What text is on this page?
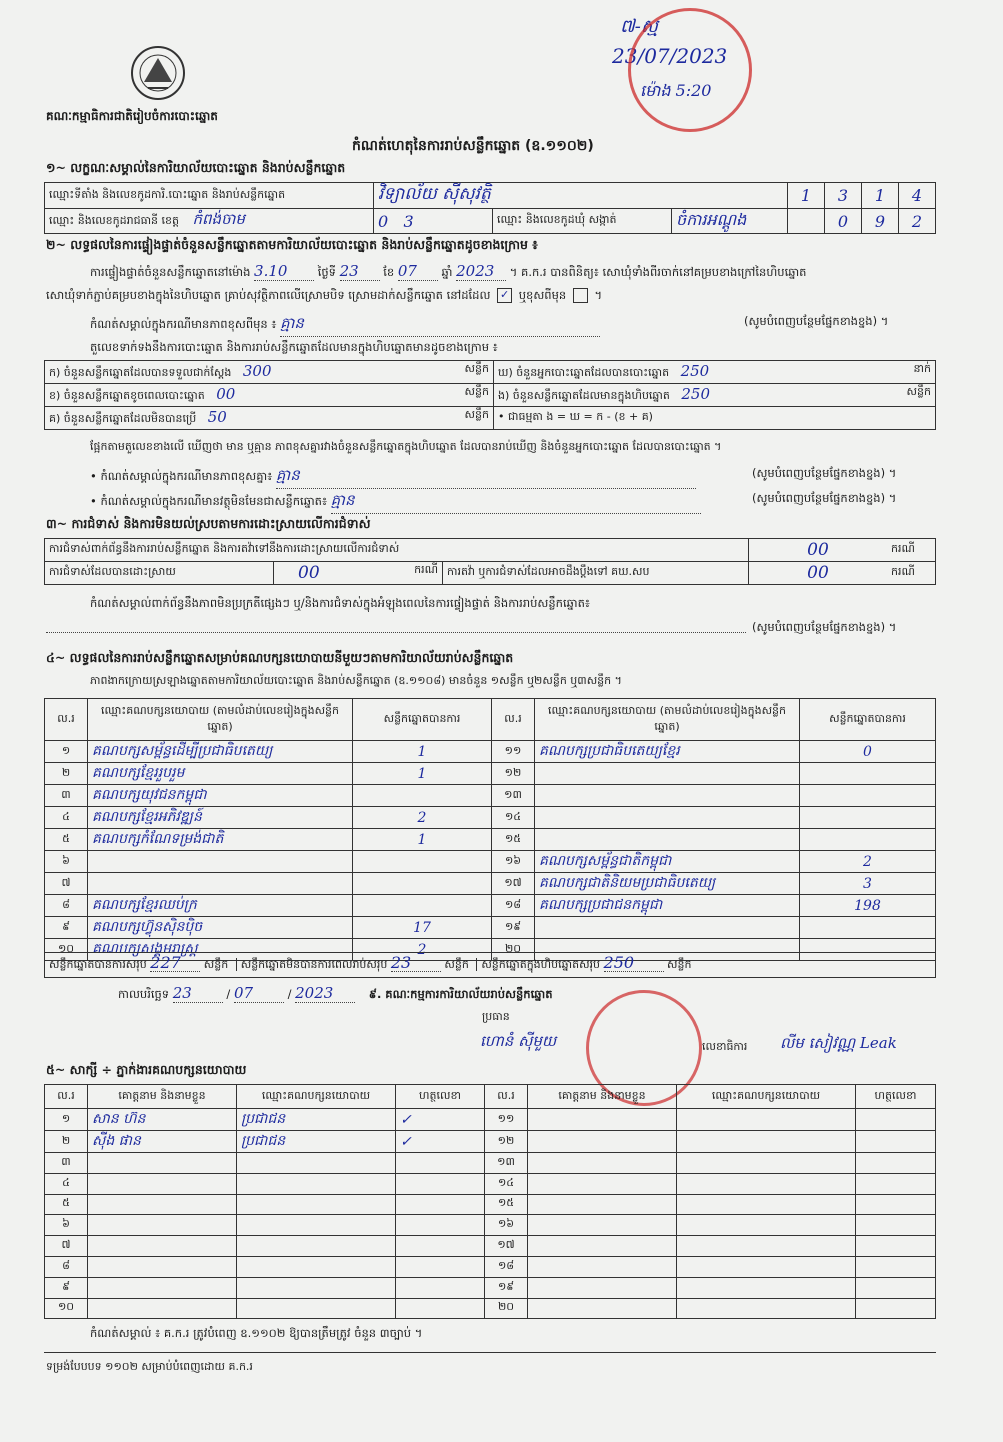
គណៈកម្មាធិការជាតិរៀបចំការបោះឆ្នោត
កំណត់ហេតុនៃការរាប់សន្លឹកឆ្នោត (ឧ.១១០២)
៧-ស្ម
23/07/2023
ម៉ោង 5:20
១~ លក្ខណៈសម្គាល់នៃការិយាល័យបោះឆ្នោត និងរាប់សន្លឹកឆ្នោត
ឈ្មោះទីតាំង និងលេខកូដការិ.បោះឆ្នោត និងរាប់សន្លឹកឆ្នោត	វិទ្យាល័យ ស៊ីសុវត្ថិ			1	3	1	4
ឈ្មោះ និងលេខកូដរាជធានី ខេត្ត កំពង់ចាម	0 3	ឈ្មោះ និងលេខកូដឃុំ សង្កាត់	ចំការអណ្ដូង		0	9	2
២~ លទ្ធផលនៃការផ្ទៀងផ្ទាត់ចំនួនសន្លឹកឆ្នោតតាមការិយាល័យបោះឆ្នោត និងរាប់សន្លឹកឆ្នោតដូចខាងក្រោម ៖
ការផ្ទៀងផ្ទាត់ចំនួនសន្លឹកឆ្នោតនៅម៉ោង 3.10	ថ្ងៃទី 23 ខែ 07 ឆ្នាំ 2023 ។ គ.ក.រ បានពិនិត្យ៖ សោឃុំទាំងពីរចាក់នៅគម្របខាងក្រៅនៃហិបឆ្នោត
សោឃុំទាក់ភ្ជាប់គម្របខាងក្នុងនៃហិបឆ្នោត គ្រាប់សុវត្ថិភាពលើស្រោមបិទ ស្រោមដាក់សន្លឹកឆ្នោត នៅដដែល ✓ ឬខុសពីមុន  ។
កំណត់សម្គាល់ក្នុងករណីមានភាពខុសពីមុន ៖ គ្មាន	(សូមបំពេញបន្ថែមផ្នែកខាងខ្នង) ។
តួលេខទាក់ទងនឹងការបោះឆ្នោត និងការរាប់សន្លឹកឆ្នោតដែលមានក្នុងហិបឆ្នោតមានដូចខាងក្រោម ៖
ក) ចំនួនសន្លឹកឆ្នោតដែលបានទទួលជាក់ស្តែង 300 សន្លឹក	ឃ) ចំនួនអ្នកបោះឆ្នោតដែលបានបោះឆ្នោត 250 នាក់

ខ) ចំនួនសន្លឹកឆ្នោតខូចពេលបោះឆ្នោត 00 សន្លឹក	ង) ចំនួនសន្លឹកឆ្នោតដែលមានក្នុងហិបឆ្នោត 250 សន្លឹក

គ) ចំនួនសន្លឹកឆ្នោតដែលមិនបានប្រើ 50 សន្លឹក	• ជាធម្មតា ង = ឃ = ក - (ខ + គ)
ផ្អែកតាមតួលេខខាងលើ ឃើញថា មាន ឬគ្មាន ភាពខុសគ្នារវាងចំនួនសន្លឹកឆ្នោតក្នុងហិបឆ្នោត ដែលបានរាប់ឃើញ និងចំនួនអ្នកបោះឆ្នោត ដែលបានបោះឆ្នោត ។
• កំណត់សម្គាល់ក្នុងករណីមានភាពខុសគ្នា៖ គ្មាន	(សូមបំពេញបន្ថែមផ្នែកខាងខ្នង) ។
• កំណត់សម្គាល់ក្នុងករណីមានវត្ថុមិនមែនជាសន្លឹកឆ្នោត៖ គ្មាន	(សូមបំពេញបន្ថែមផ្នែកខាងខ្នង) ។
៣~ ការជំទាស់ និងការមិនយល់ស្របតាមការដោះស្រាយលើការជំទាស់
ការជំទាស់ពាក់ព័ន្ធនឹងការរាប់សន្លឹកឆ្នោត និងការតវ៉ាទៅនឹងការដោះស្រាយលើការជំទាស់			00	ករណី
ការជំទាស់ដែលបានដោះស្រាយ	00 ករណី	ការតវ៉ា ឬការជំទាស់ដែលអាចដឹងប្តឹងទៅ គឃ.សប	00	ករណី
កំណត់សម្គាល់ពាក់ព័ន្ធនឹងភាពមិនប្រក្រតីផ្សេងៗ ឬ/និងការជំទាស់ក្នុងអំឡុងពេលនៃការផ្ទៀងផ្ទាត់ និងការរាប់សន្លឹកឆ្នោត៖
(សូមបំពេញបន្ថែមផ្នែកខាងខ្នង) ។
៤~ លទ្ធផលនៃការរាប់សន្លឹកឆ្នោតសម្រាប់គណបក្សនយោបាយនីមួយៗតាមការិយាល័យរាប់សន្លឹកឆ្នោត
ភាពងាកក្រោយស្រឡាងឆ្នោតតាមការិយាល័យបោះឆ្នោត និងរាប់សន្លឹកឆ្នោត (ឧ.១១០៨) មានចំនួន ១សន្លឹក ឬ២សន្លឹក ឬ៣សន្លឹក ។
ល.រ	ឈ្មោះគណបក្សនយោបាយ (តាមលំដាប់លេខរៀងក្នុងសន្លឹកឆ្នោត)	សន្លឹកឆ្នោតបានការ	ល.រ	ឈ្មោះគណបក្សនយោបាយ (តាមលំដាប់លេខរៀងក្នុងសន្លឹកឆ្នោត)	សន្លឹកឆ្នោតបានការ
១	គណបក្សសម្ព័ន្ធដើម្បីប្រជាធិបតេយ្យ	1	១១	គណបក្សប្រជាធិបតេយ្យខ្មែរ	0
២	គណបក្សខ្មែររួបរួម	1	១២		
៣	គណបក្សយុវជនកម្ពុជា		១៣		
៤	គណបក្សខ្មែរអភិវឌ្ឍន៍	2	១៤		
៥	គណបក្សកំណែទម្រង់ជាតិ	1	១៥		
៦			១៦	គណបក្សសម្ព័ន្ធជាតិកម្ពុជា	2
៧			១៧	គណបក្សជាតិនិយមប្រជាធិបតេយ្យ	3
៨	គណបក្សខ្មែរឈប់ក្រ		១៨	គណបក្សប្រជាជនកម្ពុជា	198
៩	គណបក្សហ៊្វុនស៊ិនប៉ិច	17	១៩		
១០	គណបក្សសង្គមរាស្ត្រ	2	២០		
សន្លឹកឆ្នោតបានការសរុប 227 សន្លឹក សន្លឹកឆ្នោតមិនបានការពេលរាប់សរុប 23	សន្លឹក សន្លឹកឆ្នោតក្នុងហិបឆ្នោតសរុប 250	សន្លឹក
កាលបរិច្ឆេទ 23	/ 07	/ 2023	៩. គណៈកម្មការការិយាល័យរាប់សន្លឹកឆ្នោត
ប្រធាន
ហោនំ ស៊ីមួយ	លេខាធិការ លីម សៀវណ្ណ Leak
៥~ សាក្សី ÷ ភ្នាក់ងារគណបក្សនយោបាយ
ល.រ	គោត្តនាម និងនាមខ្លួន	ឈ្មោះគណបក្សនយោបាយ	ហត្ថលេខា	ល.រ	គោត្តនាម និងនាមខ្លួន	ឈ្មោះគណបក្សនយោបាយ	ហត្ថលេខា
១	សាន ហ៊ន	ប្រជាជន	✓	១១			
២	ស៊ីង ផាន	ប្រជាជន	✓	១២			
៣				១៣			
៤				១៤			
៥				១៥			
៦				១៦			
៧				១៧			
៨				១៨			
៩				១៩			
១០				២០			
កំណត់សម្គាល់ ៖ គ.ក.រ ត្រូវបំពេញ ឧ.១១០២ ឱ្យបានត្រឹមត្រូវ ចំនួន ៣ច្បាប់ ។
ទម្រង់បែបបទ ១១០២ សម្រាប់បំពេញដោយ គ.ក.រ
